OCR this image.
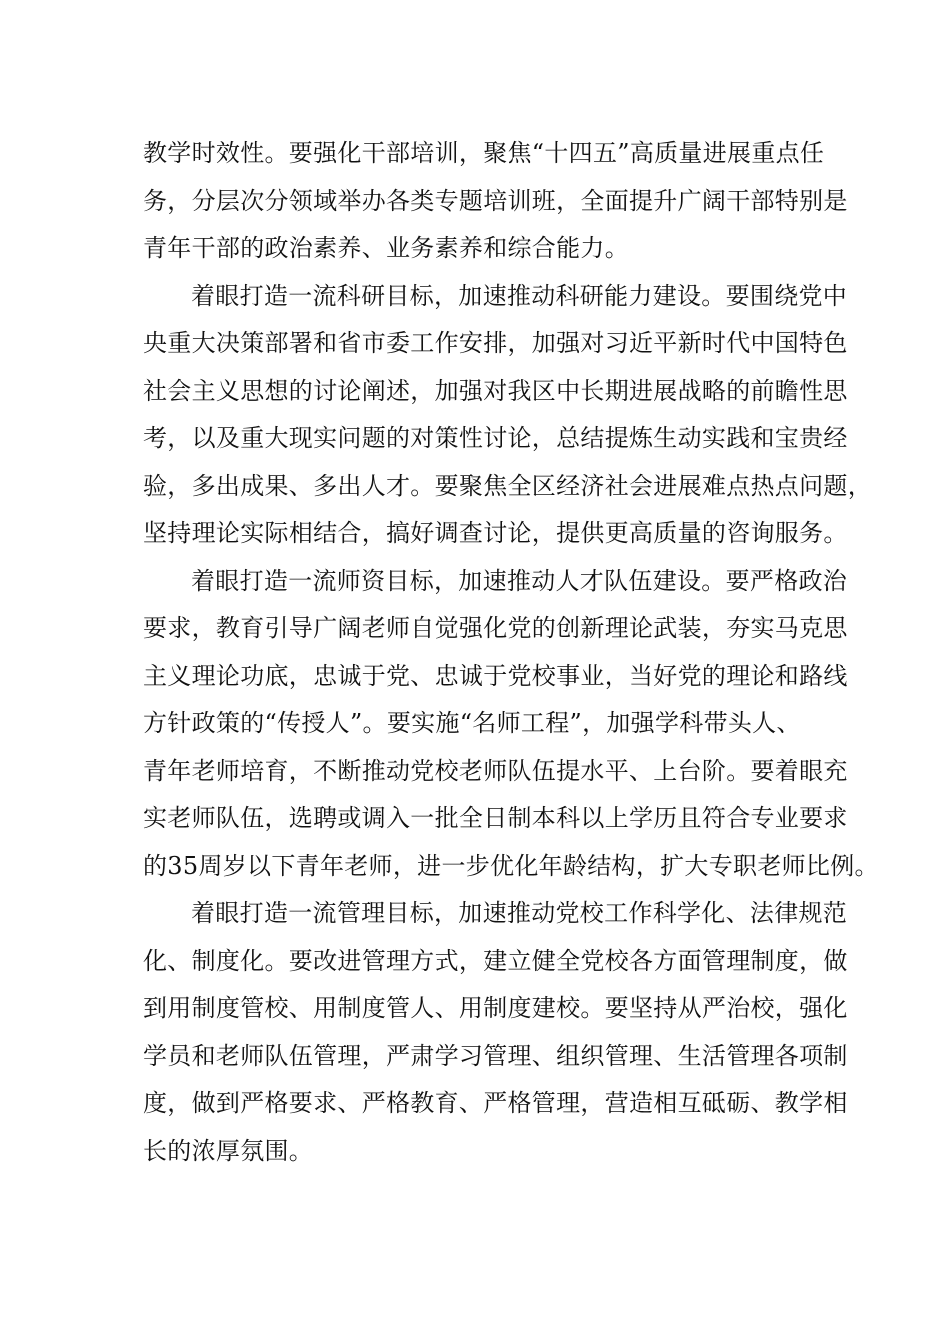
教学时效性。要强化干部培训，聚焦“十四五”高质量进展重点任
务，分层次分领域举办各类专题培训班，全面提升广阔干部特别是
青年干部的政治素养、业务素养和综合能力。
着眼打造一流科研目标，加速推动科研能力建设。要围绕党中
央重大决策部署和省市委工作安排，加强对习近平新时代中国特色
社会主义思想的讨论阐述，加强对我区中长期进展战略的前瞻性思
考，以及重大现实问题的对策性讨论，总结提炼生动实践和宝贵经
验，多出成果、多出人才。要聚焦全区经济社会进展难点热点问题，
坚持理论实际相结合，搞好调查讨论，提供更高质量的咨询服务。
着眼打造一流师资目标，加速推动人才队伍建设。要严格政治
要求，教育引导广阔老师自觉强化党的创新理论武装，夯实马克思
主义理论功底，忠诚于党、忠诚于党校事业，当好党的理论和路线
方针政策的“传授人”。要实施“名师工程”，加强学科带头人、
青年老师培育，不断推动党校老师队伍提水平、上台阶。要着眼充
实老师队伍，选聘或调入一批全日制本科以上学历且符合专业要求
的35周岁以下青年老师，进一步优化年龄结构，扩大专职老师比例。
着眼打造一流管理目标，加速推动党校工作科学化、法律规范
化、制度化。要改进管理方式，建立健全党校各方面管理制度，做
到用制度管校、用制度管人、用制度建校。要坚持从严治校，强化
学员和老师队伍管理，严肃学习管理、组织管理、生活管理各项制
度，做到严格要求、严格教育、严格管理，营造相互砥砺、教学相
长的浓厚氛围。
